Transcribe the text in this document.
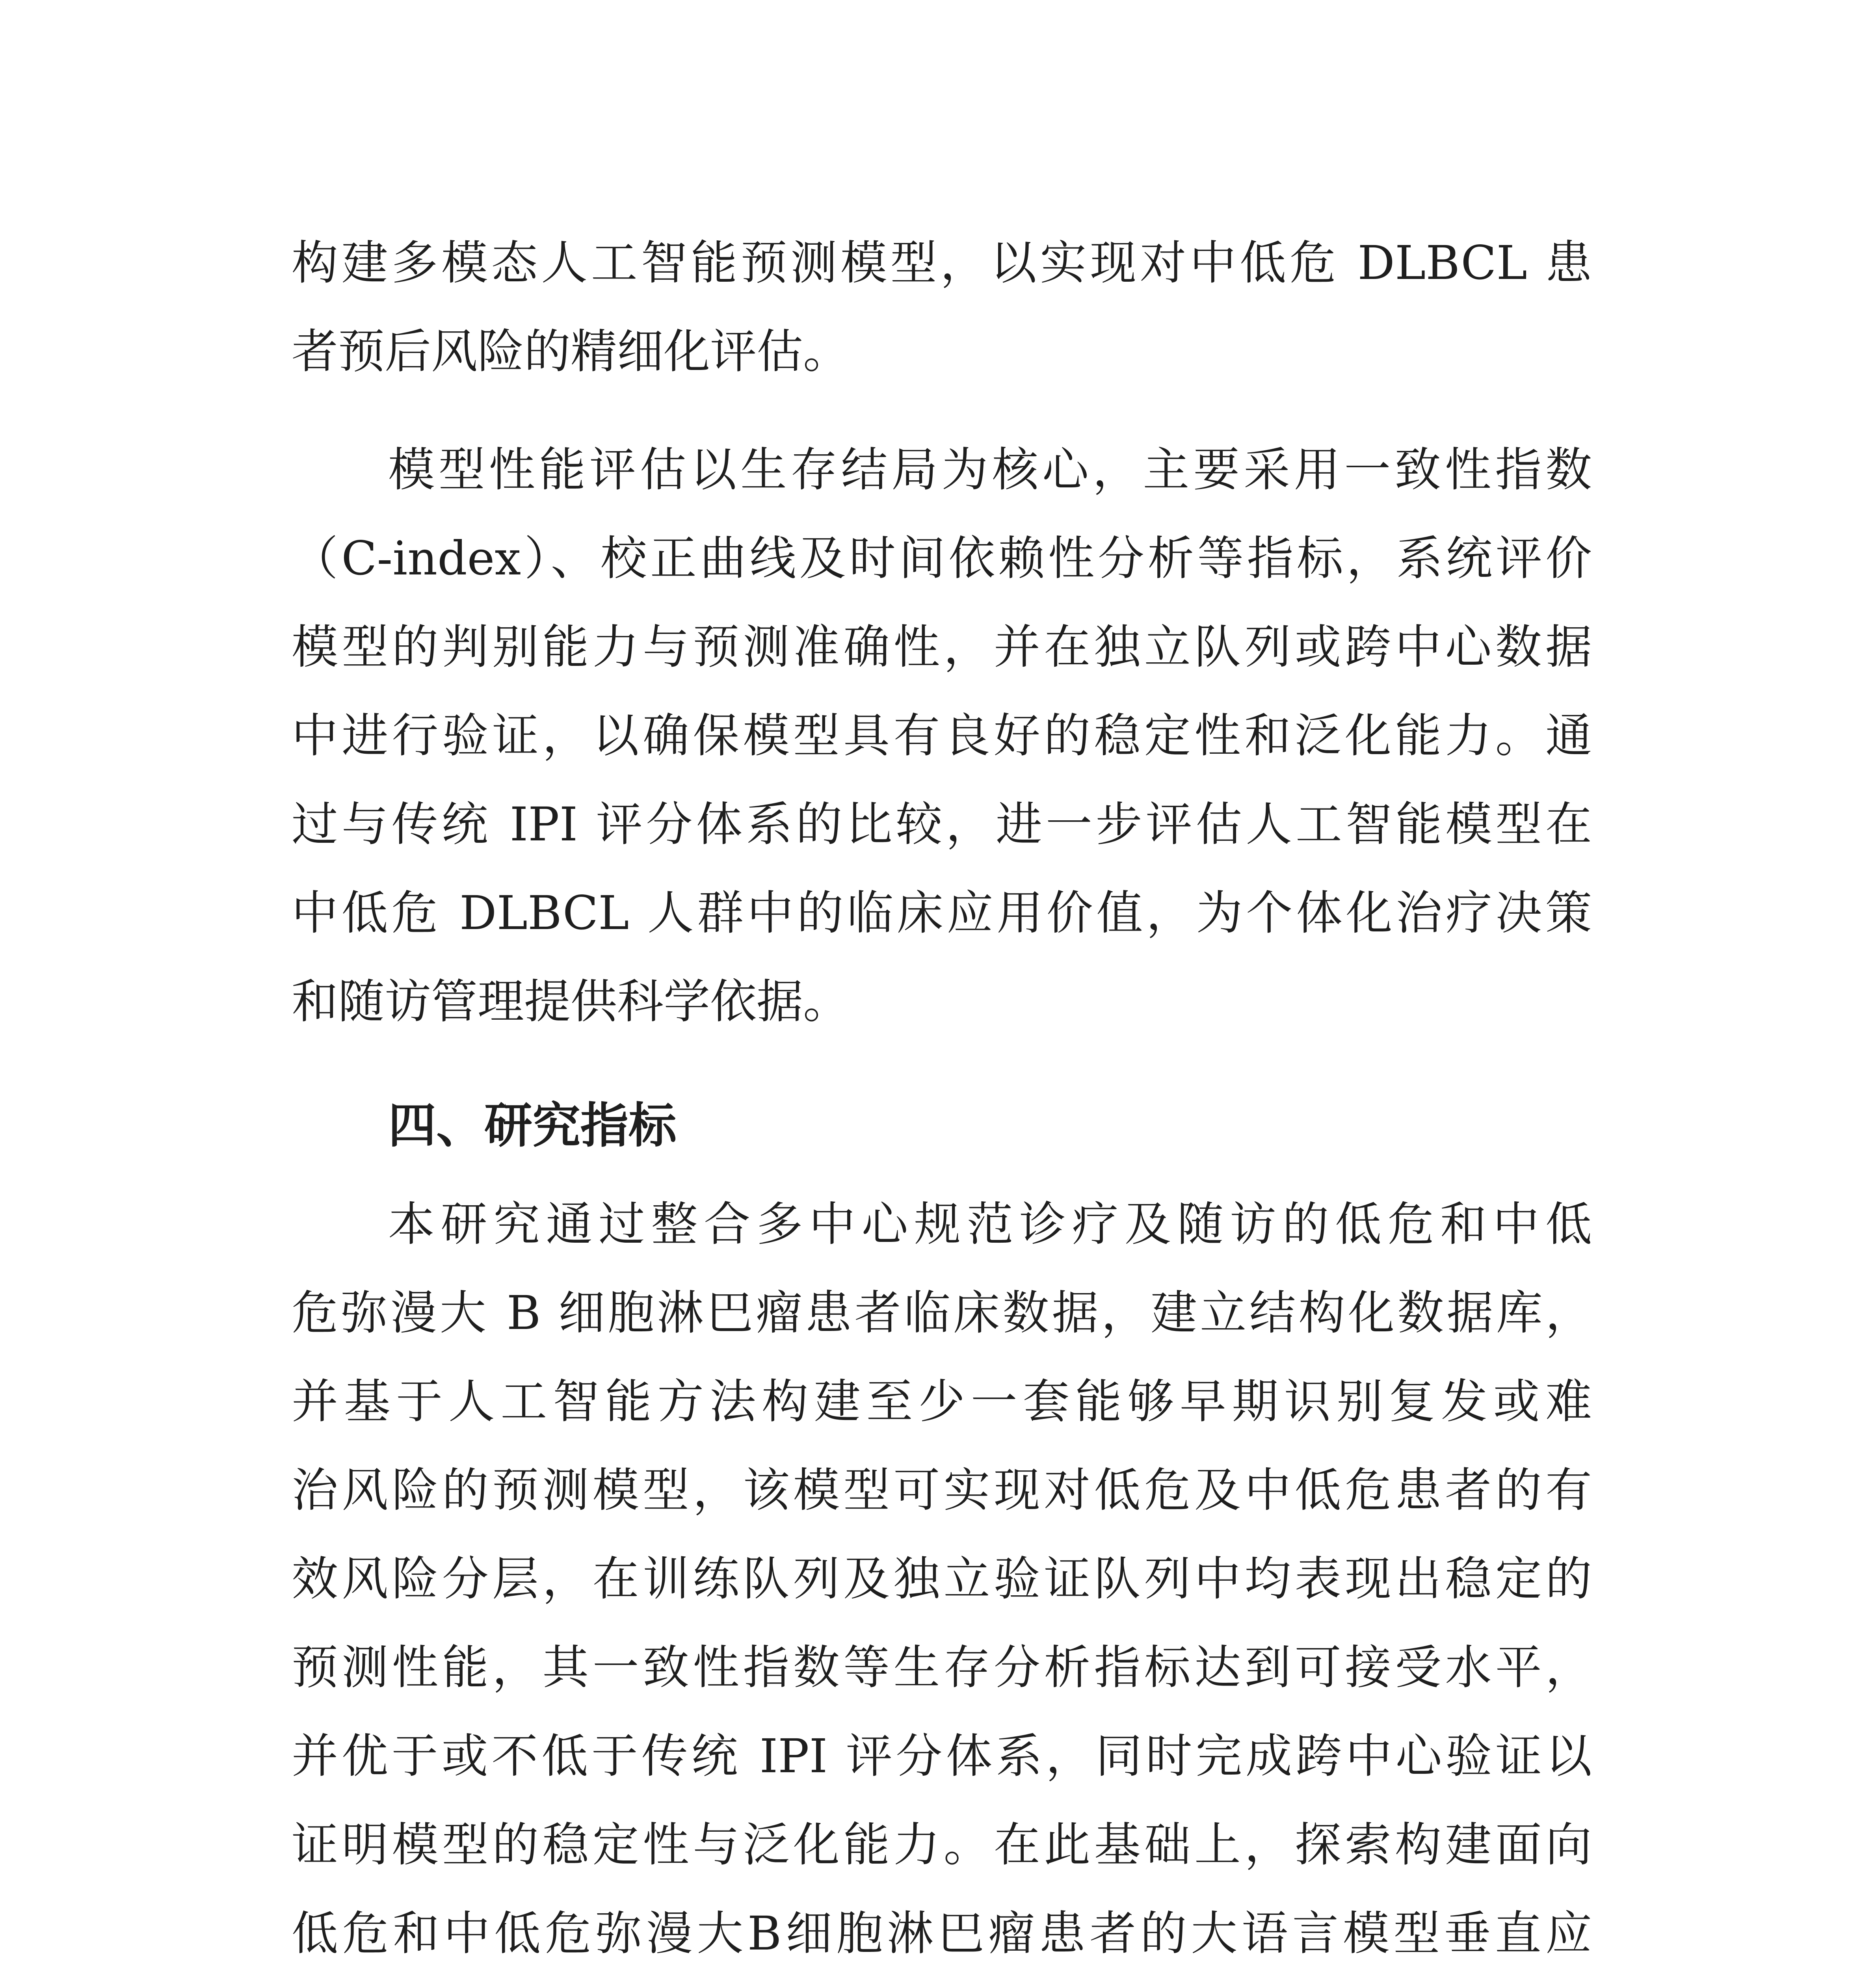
构建多模态人工智能预测模型，以实现对中低危 DLBCL 患
者预后风险的精细化评估。
模型性能评估以生存结局为核心，主要采用一致性指数
（C-index）、校正曲线及时间依赖性分析等指标，系统评价
模型的判别能力与预测准确性，并在独立队列或跨中心数据
中进行验证，以确保模型具有良好的稳定性和泛化能力。通
过与传统 IPI 评分体系的比较，进一步评估人工智能模型在
中低危 DLBCL 人群中的临床应用价值，为个体化治疗决策
和随访管理提供科学依据。
四、研究指标
本研究通过整合多中心规范诊疗及随访的低危和中低
危弥漫大 B 细胞淋巴瘤患者临床数据，建立结构化数据库，
并基于人工智能方法构建至少一套能够早期识别复发或难
治风险的预测模型，该模型可实现对低危及中低危患者的有
效风险分层，在训练队列及独立验证队列中均表现出稳定的
预测性能，其一致性指数等生存分析指标达到可接受水平，
并优于或不低于传统 IPI 评分体系，同时完成跨中心验证以
证明模型的稳定性与泛化能力。在此基础上，探索构建面向
低危和中低危弥漫大B细胞淋巴瘤患者的大语言模型垂直应
